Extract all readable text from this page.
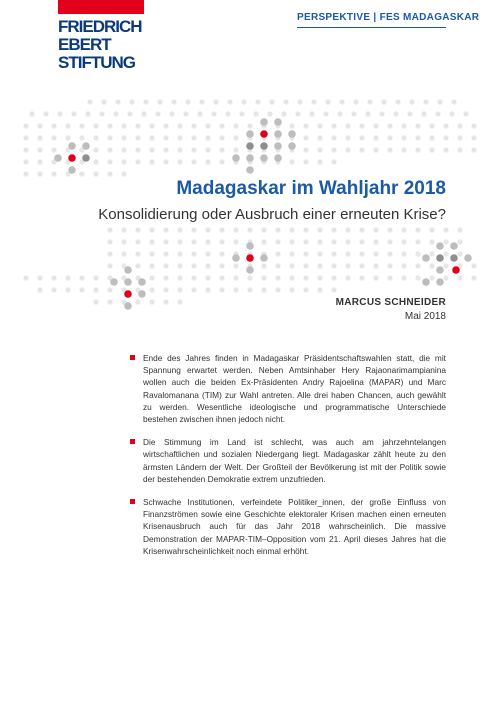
FRIEDRICH
EBERT
STIFTUNG
PERSPEKTIVE | FES MADAGASKAR
Madagaskar im Wahljahr 2018
Konsolidierung oder Ausbruch einer erneuten Krise?
MARCUS SCHNEIDER
Mai 2018
Ende des Jahres finden in Madagaskar Präsidentschaftswahlen statt, die mit Spannung erwartet werden. Neben Amtsinhaber Hery Rajaonarimampianina wollen auch die beiden Ex-Präsidenten Andry Rajoelina (MAPAR) und Marc Ravalomanana (TIM) zur Wahl antreten. Alle drei haben Chancen, auch gewählt zu werden. Wesentliche ideologische und programmatische Unterschiede bestehen zwischen ihnen jedoch nicht.
Die Stimmung im Land ist schlecht, was auch am jahrzehntelangen wirtschaftlichen und sozialen Niedergang liegt. Madagaskar zählt heute zu den ärmsten Ländern der Welt. Der Großteil der Bevölkerung ist mit der Politik sowie der bestehenden Demokratie extrem unzufrieden.
Schwache Institutionen, verfeindete Politiker_innen, der große Einfluss von Finanzströmen sowie eine Geschichte elektoraler Krisen machen einen erneuten Krisenausbruch auch für das Jahr 2018 wahrscheinlich. Die massive Demonstration der MAPAR-TIM–Opposition vom 21. April dieses Jahres hat die Krisenwahrscheinlichkeit noch einmal erhöht.
